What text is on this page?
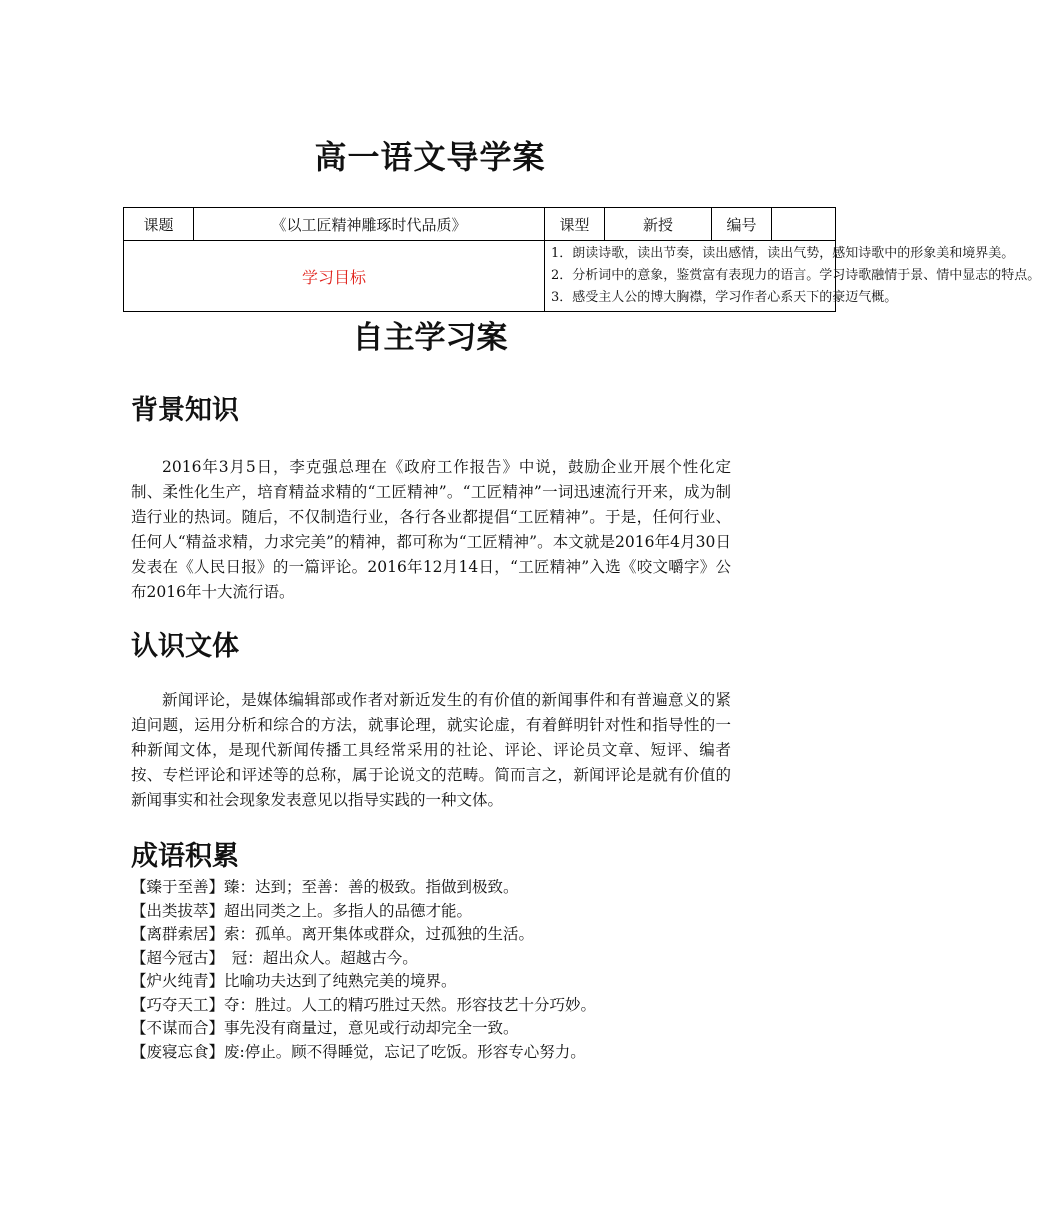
高一语文导学案
课题	《以工匠精神雕琢时代品质》	课型	新授	编号	
学习目标		1．朗读诗歌，读出节奏，读出感情，读出气势，感知诗歌中的形象美和境界美。
2．分析词中的意象，鉴赏富有表现力的语言。学习诗歌融情于景、情中显志的特点。
3．感受主人公的博大胸襟，学习作者心系天下的豪迈气概。			
自主学习案
背景知识
2016年3月5日，李克强总理在《政府工作报告》中说，鼓励企业开展个性化定制、柔性化生产，培育精益求精的“工匠精神”。“工匠精神”一词迅速流行开来，成为制造行业的热词。随后，不仅制造行业，各行各业都提倡“工匠精神”。于是，任何行业、任何人“精益求精，力求完美”的精神，都可称为“工匠精神”。本文就是2016年4月30日发表在《人民日报》的一篇评论。2016年12月14日，“工匠精神”入选《咬文嚼字》公布2016年十大流行语。
认识文体
新闻评论，是媒体编辑部或作者对新近发生的有价值的新闻事件和有普遍意义的紧迫问题，运用分析和综合的方法，就事论理，就实论虚，有着鲜明针对性和指导性的一种新闻文体，是现代新闻传播工具经常采用的社论、评论、评论员文章、短评、编者按、专栏评论和评述等的总称，属于论说文的范畴。简而言之，新闻评论是就有价值的新闻事实和社会现象发表意见以指导实践的一种文体。
成语积累
【臻于至善】臻：达到；至善：善的极致。指做到极致。
【出类拔萃】超出同类之上。多指人的品德才能。
【离群索居】索：孤单。离开集体或群众，过孤独的生活。
【超今冠古】　冠：超出众人。超越古今。
【炉火纯青】比喻功夫达到了纯熟完美的境界。
【巧夺天工】夺：胜过。人工的精巧胜过天然。形容技艺十分巧妙。
【不谋而合】事先没有商量过，意见或行动却完全一致。
【废寝忘食】废:停止。顾不得睡觉，忘记了吃饭。形容专心努力。
